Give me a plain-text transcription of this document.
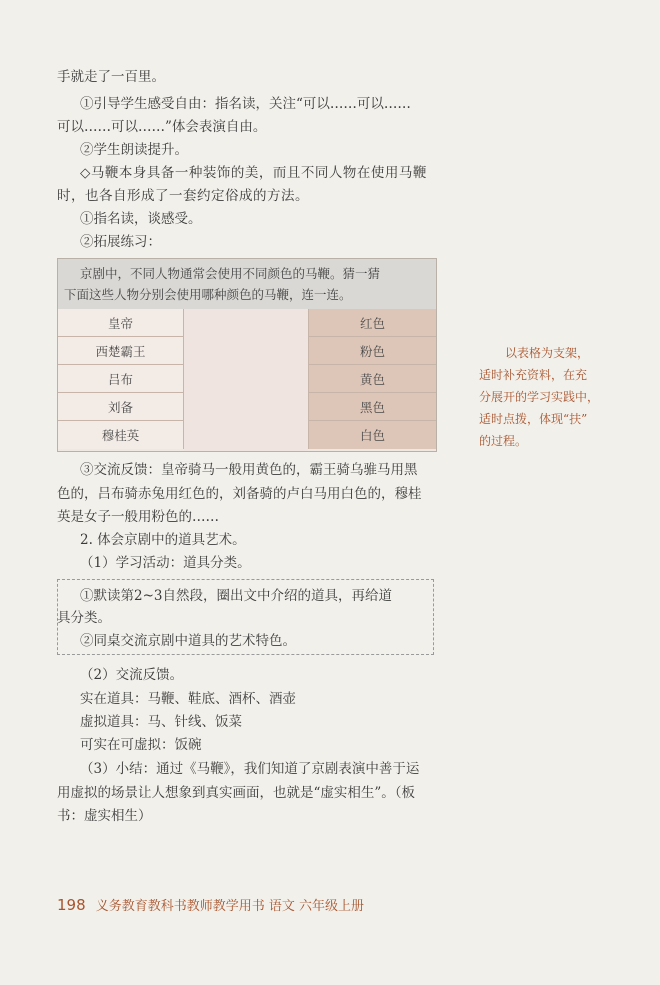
手就走了一百里。
①引导学生感受自由：指名读，关注“可以……可以……
可以……可以……”体会表演自由。
②学生朗读提升。
◇马鞭本身具备一种装饰的美，而且不同人物在使用马鞭
时，也各自形成了一套约定俗成的方法。
①指名读，谈感受。
②拓展练习：
京剧中，不同人物通常会使用不同颜色的马鞭。猜一猜
下面这些人物分别会使用哪种颜色的马鞭，连一连。
皇帝
西楚霸王
吕布
刘备
穆桂英
红色
粉色
黄色
黑色
白色
③交流反馈：皇帝骑马一般用黄色的，霸王骑乌骓马用黑
色的，吕布骑赤兔用红色的，刘备骑的卢白马用白色的，穆桂
英是女子一般用粉色的……
2. 体会京剧中的道具艺术。
（1）学习活动：道具分类。
①默读第2~3自然段，圈出文中介绍的道具，再给道
具分类。
②同桌交流京剧中道具的艺术特色。
（2）交流反馈。
实在道具：马鞭、鞋底、酒杯、酒壶
虚拟道具：马、针线、饭菜
可实在可虚拟：饭碗
（3）小结：通过《马鞭》，我们知道了京剧表演中善于运
用虚拟的场景让人想象到真实画面，也就是“虚实相生”。（板
书：虚实相生）
以表格为支架，
适时补充资料，在充
分展开的学习实践中，
适时点拨，体现“扶”
的过程。
198 义务教育教科书教师教学用书 语文 六年级上册
